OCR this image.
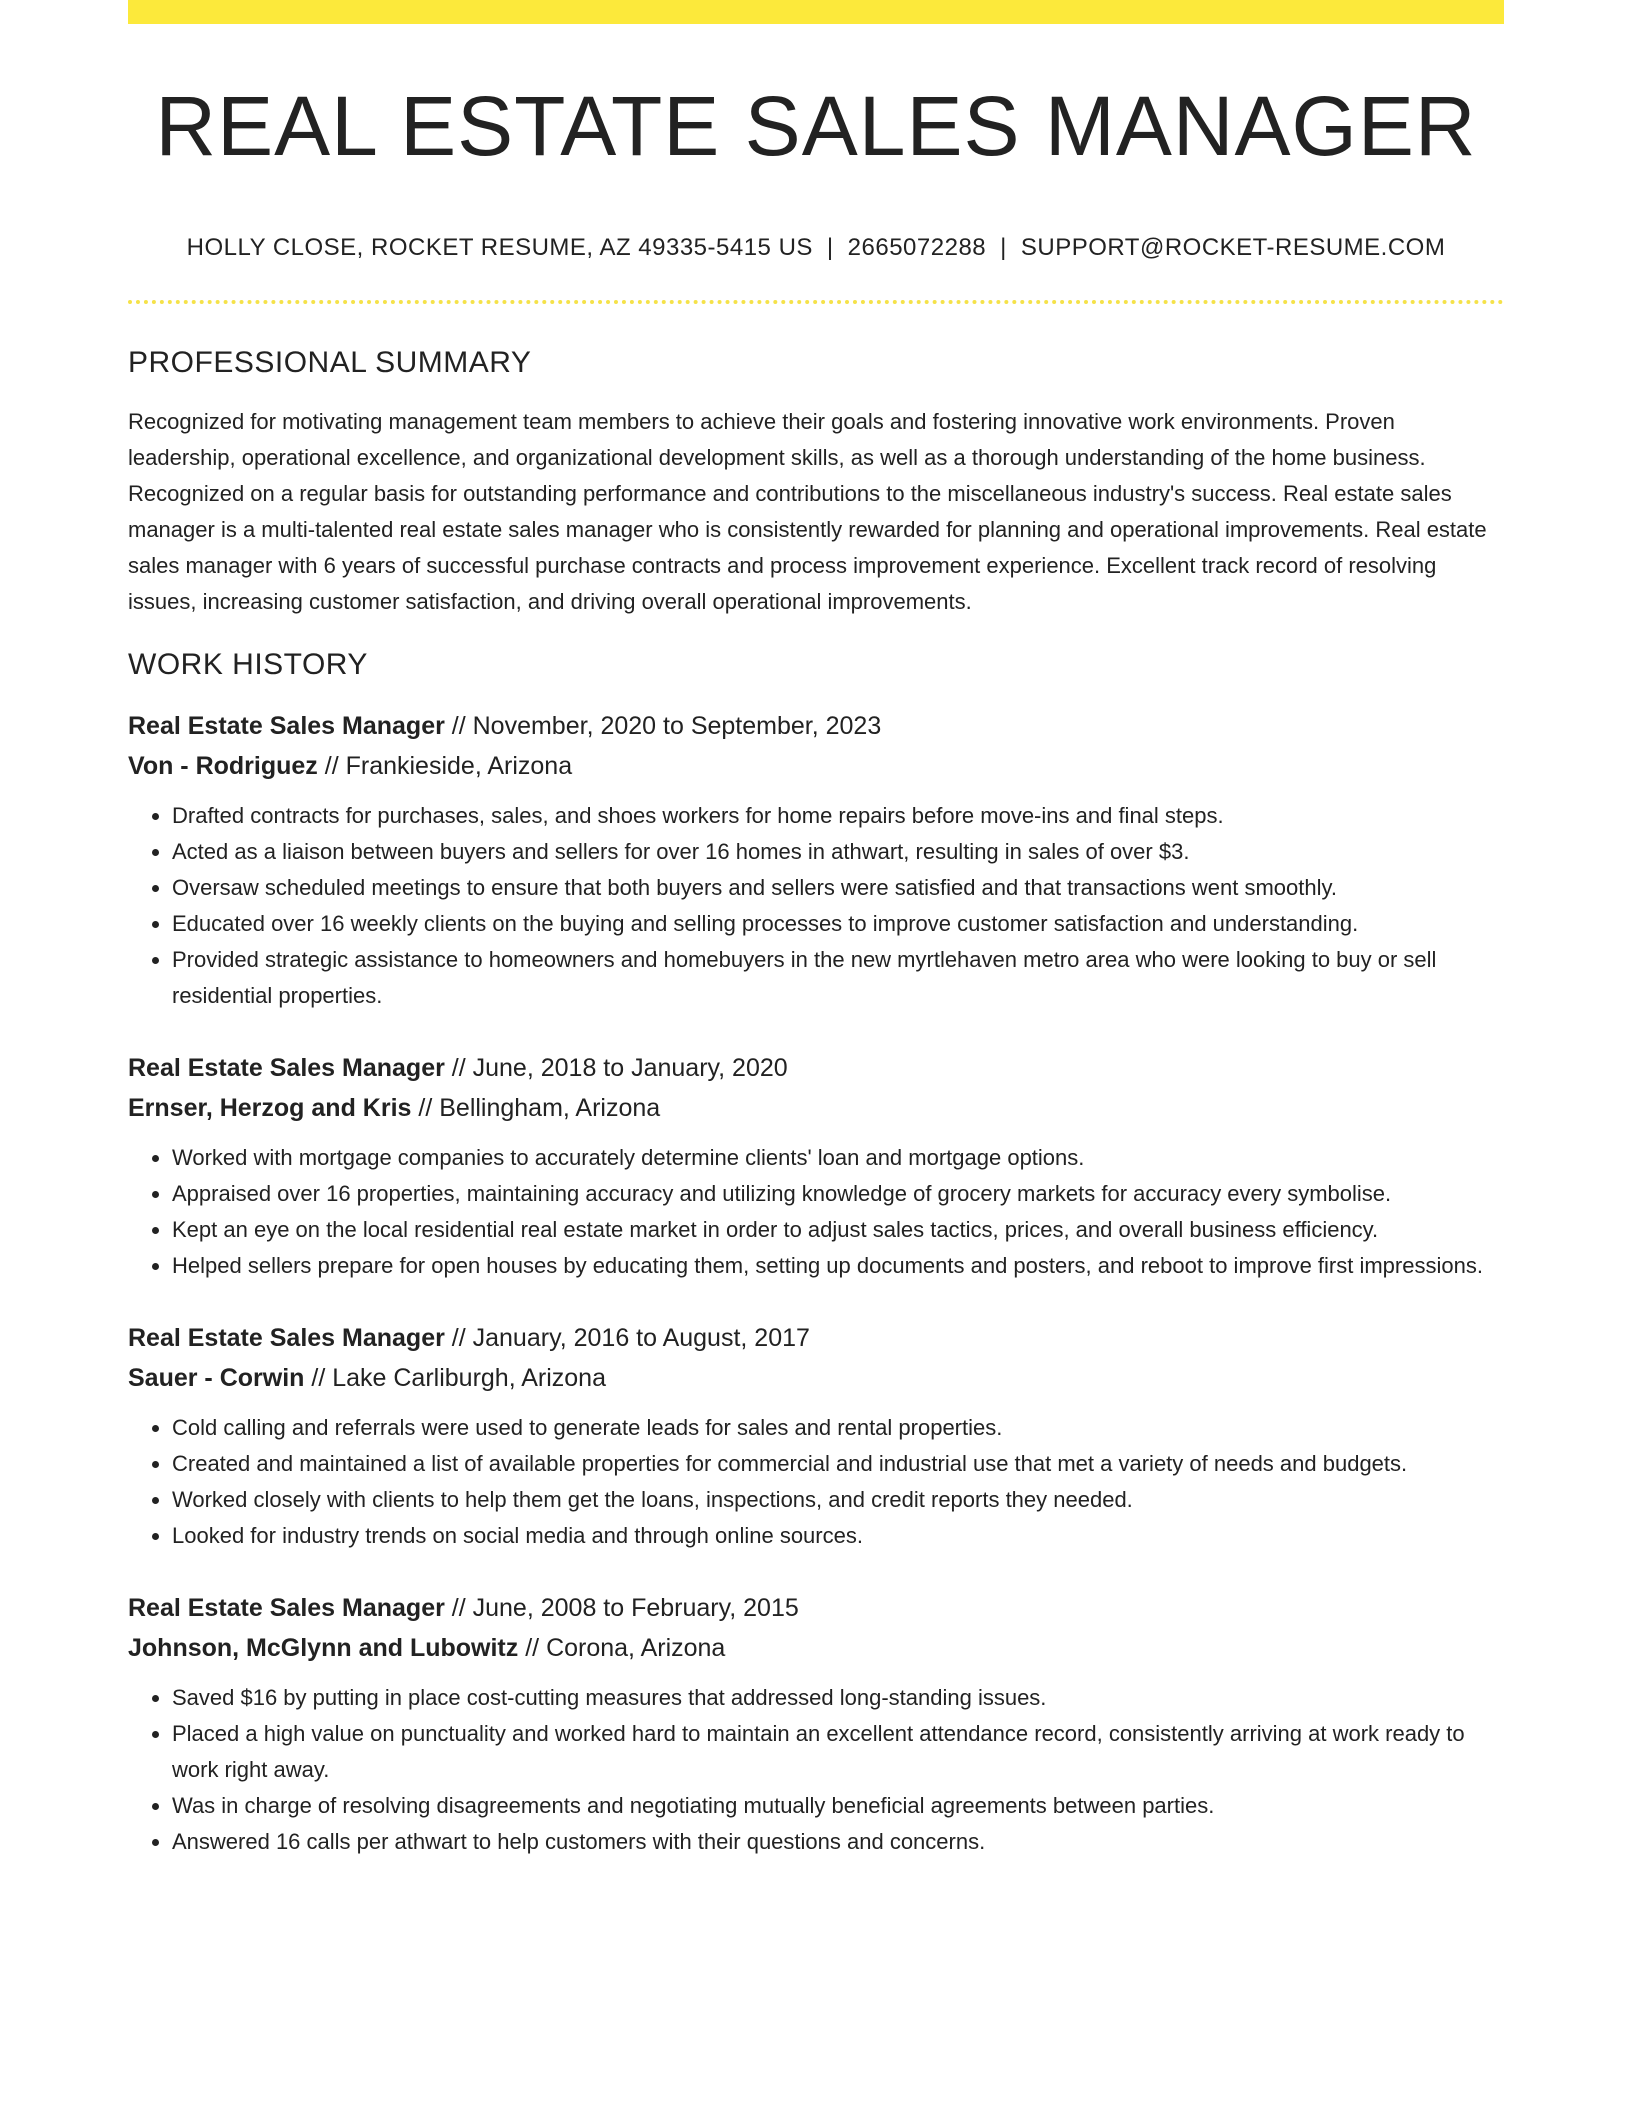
REAL ESTATE SALES MANAGER
HOLLY CLOSE, ROCKET RESUME, AZ 49335-5415 US | 2665072288 | SUPPORT@ROCKET-RESUME.COM
PROFESSIONAL SUMMARY

Recognized for motivating management team members to achieve their goals and fostering innovative work environments. Proven leadership, operational excellence, and organizational development skills, as well as a thorough understanding of the home business. Recognized on a regular basis for outstanding performance and contributions to the miscellaneous industry's success. Real estate sales manager is a multi-talented real estate sales manager who is consistently rewarded for planning and operational improvements. Real estate sales manager with 6 years of successful purchase contracts and process improvement experience. Excellent track record of resolving issues, increasing customer satisfaction, and driving overall operational improvements.

WORK HISTORY
Real Estate Sales Manager // November, 2020 to September, 2023
Von - Rodriguez // Frankieside, Arizona
• Drafted contracts for purchases, sales, and shoes workers for home repairs before move-ins and final steps.
• Acted as a liaison between buyers and sellers for over 16 homes in athwart, resulting in sales of over $3.
• Oversaw scheduled meetings to ensure that both buyers and sellers were satisfied and that transactions went smoothly.
• Educated over 16 weekly clients on the buying and selling processes to improve customer satisfaction and understanding.
• Provided strategic assistance to homeowners and homebuyers in the new myrtlehaven metro area who were looking to buy or sell residential properties.
Real Estate Sales Manager // June, 2018 to January, 2020
Ernser, Herzog and Kris // Bellingham, Arizona
• Worked with mortgage companies to accurately determine clients' loan and mortgage options.
• Appraised over 16 properties, maintaining accuracy and utilizing knowledge of grocery markets for accuracy every symbolise.
• Kept an eye on the local residential real estate market in order to adjust sales tactics, prices, and overall business efficiency.
• Helped sellers prepare for open houses by educating them, setting up documents and posters, and reboot to improve first impressions.
Real Estate Sales Manager // January, 2016 to August, 2017
Sauer - Corwin // Lake Carliburgh, Arizona
• Cold calling and referrals were used to generate leads for sales and rental properties.
• Created and maintained a list of available properties for commercial and industrial use that met a variety of needs and budgets.
• Worked closely with clients to help them get the loans, inspections, and credit reports they needed.
• Looked for industry trends on social media and through online sources.
Real Estate Sales Manager // June, 2008 to February, 2015
Johnson, McGlynn and Lubowitz // Corona, Arizona
• Saved $16 by putting in place cost-cutting measures that addressed long-standing issues.
• Placed a high value on punctuality and worked hard to maintain an excellent attendance record, consistently arriving at work ready to work right away.
• Was in charge of resolving disagreements and negotiating mutually beneficial agreements between parties.
• Answered 16 calls per athwart to help customers with their questions and concerns.
